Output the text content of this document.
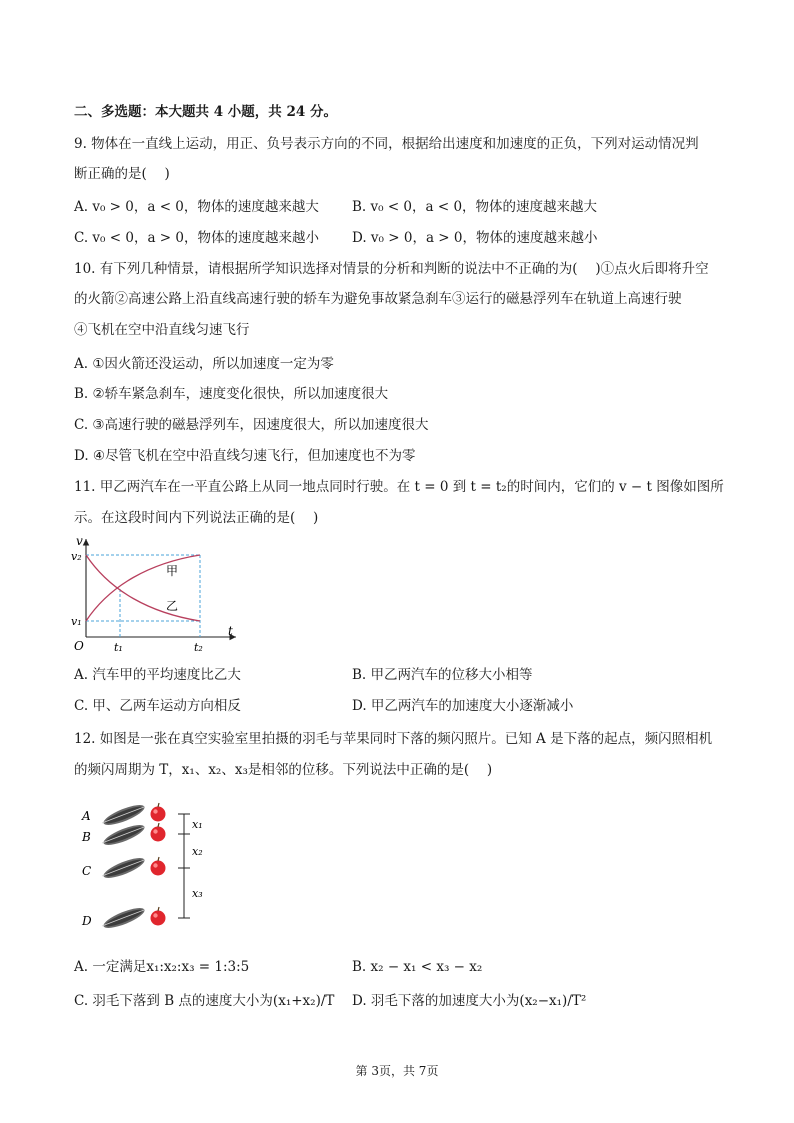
二、多选题：本大题共 4 小题，共 24 分。
9. 物体在一直线上运动，用正、负号表示方向的不同，根据给出速度和加速度的正负，下列对运动情况判
断正确的是(　 )
A. v₀ > 0，a < 0，物体的速度越来越大 B. v₀ < 0，a < 0，物体的速度越来越大
C. v₀ < 0，a > 0，物体的速度越来越小 D. v₀ > 0，a > 0，物体的速度越来越小
10. 有下列几种情景，请根据所学知识选择对情景的分析和判断的说法中不正确的为(　 )①点火后即将升空
的火箭②高速公路上沿直线高速行驶的轿车为避免事故紧急刹车③运行的磁悬浮列车在轨道上高速行驶
④飞机在空中沿直线匀速飞行
A. ①因火箭还没运动，所以加速度一定为零
B. ②轿车紧急刹车，速度变化很快，所以加速度很大
C. ③高速行驶的磁悬浮列车，因速度很大，所以加速度很大
D. ④尽管飞机在空中沿直线匀速飞行，但加速度也不为零
11. 甲乙两汽车在一平直公路上从同一地点同时行驶。在 t = 0 到 t = t₂的时间内，它们的 v − t 图像如图所
示。在这段时间内下列说法正确的是(　 )
v
t
O
v₂
v₁
t₁	t₂
甲
乙
A. 汽车甲的平均速度比乙大	B. 甲乙两汽车的位移大小相等
C. 甲、乙两车运动方向相反	D. 甲乙两汽车的加速度大小逐渐减小
12. 如图是一张在真空实验室里拍摄的羽毛与苹果同时下落的频闪照片。已知 A 是下落的起点，频闪照相机
的频闪周期为 T，x₁、x₂、x₃是相邻的位移。下列说法中正确的是(　 )
A
B
C
D
x₁
x₂
x₃
A. 一定满足x₁:x₂:x₃ = 1:3:5	B. x₂ − x₁ < x₃ − x₂
C. 羽毛下落到 B 点的速度大小为(x₁+x₂)/T D. 羽毛下落的加速度大小为(x₂−x₁)/T²
第 3页，共 7页
